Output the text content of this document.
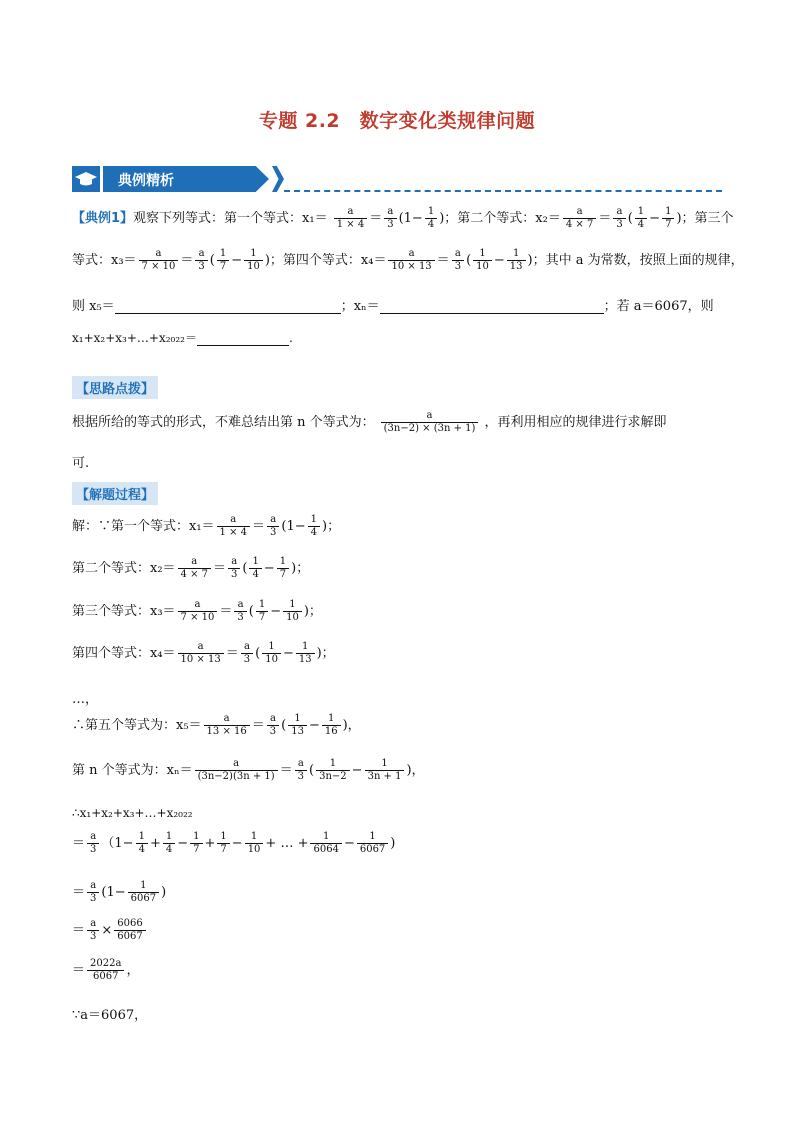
专题 2.2　数字变化类规律问题
典例精析
【典例1】观察下列等式：第一个等式：$x_1= \frac{a}{1 \times 4} = \frac{a}{3} (1- \frac{1}{4}$ )；第二个等式：$x_2= \frac{a}{4 \times 7} = \frac{a}{3}$ ( $\frac{1}{4} - \frac{1}{7}$ )；第三个
等式：$x_3= \frac{a}{7 \times 10} = \frac{a}{3}$ ( $\frac{1}{7} - \frac{1}{10}$ )；第四个等式：$x_4= \frac{a}{10 \times 13} = \frac{a}{3}$ ( $\frac{1}{10} - \frac{1}{13}$ )；其中 a 为常数，按照上面的规律，
则 x₅＝	；xₙ＝	；若 a＝6067，则
x₁+x₂+x₃+…+x₂₀₂₂＝	.
【思路点拨】
根据所给的等式的形式，不难总结出第 n 个等式为： $\frac{a}{(3n-2) \times (3n + 1)}$ ，再利用相应的规律进行求解即
可.
【解题过程】
解：∵第一个等式：$x_1= \frac{a}{1 \times 4} = \frac{a}{3} (1- \frac{1}{4}$ )；
第二个等式：$x_2= \frac{a}{4 \times 7} = \frac{a}{3}$ ( $\frac{1}{4} - \frac{1}{7}$ )；
第三个等式：$x_3= \frac{a}{7 \times 10} = \frac{a}{3}$ ( $\frac{1}{7} - \frac{1}{10}$ )；
第四个等式：$x_4= \frac{a}{10 \times 13} = \frac{a}{3}$ ( $\frac{1}{10} - \frac{1}{13}$ )；
…，
∴第五个等式为：$x_5= \frac{a}{13 \times 16} = \frac{a}{3}$ ( $\frac{1}{13} - \frac{1}{16}$ )，
第 n 个等式为：$x_n= \frac{a}{(3n-2)(3n + 1)} = \frac{a}{3}$ ( $\frac{1}{3n-2} - \frac{1}{3n + 1}$ )，
∴x₁+x₂+x₃+…+x₂₀₂₂
＝ $\frac{a}{3} (1- \frac{1}{4} + \frac{1}{4} - \frac{1}{7} + \frac{1}{7} - \frac{1}{10}$ + … + $\frac{1}{6064} - \frac{1}{6067}$ )
＝ $\frac{a}{3} (1- \frac{1}{6067}$ )
＝ $\frac{a}{3} \times \frac{6066}{6067}$
＝ $\frac{2022a}{6067}$ ，
∵a＝6067，
